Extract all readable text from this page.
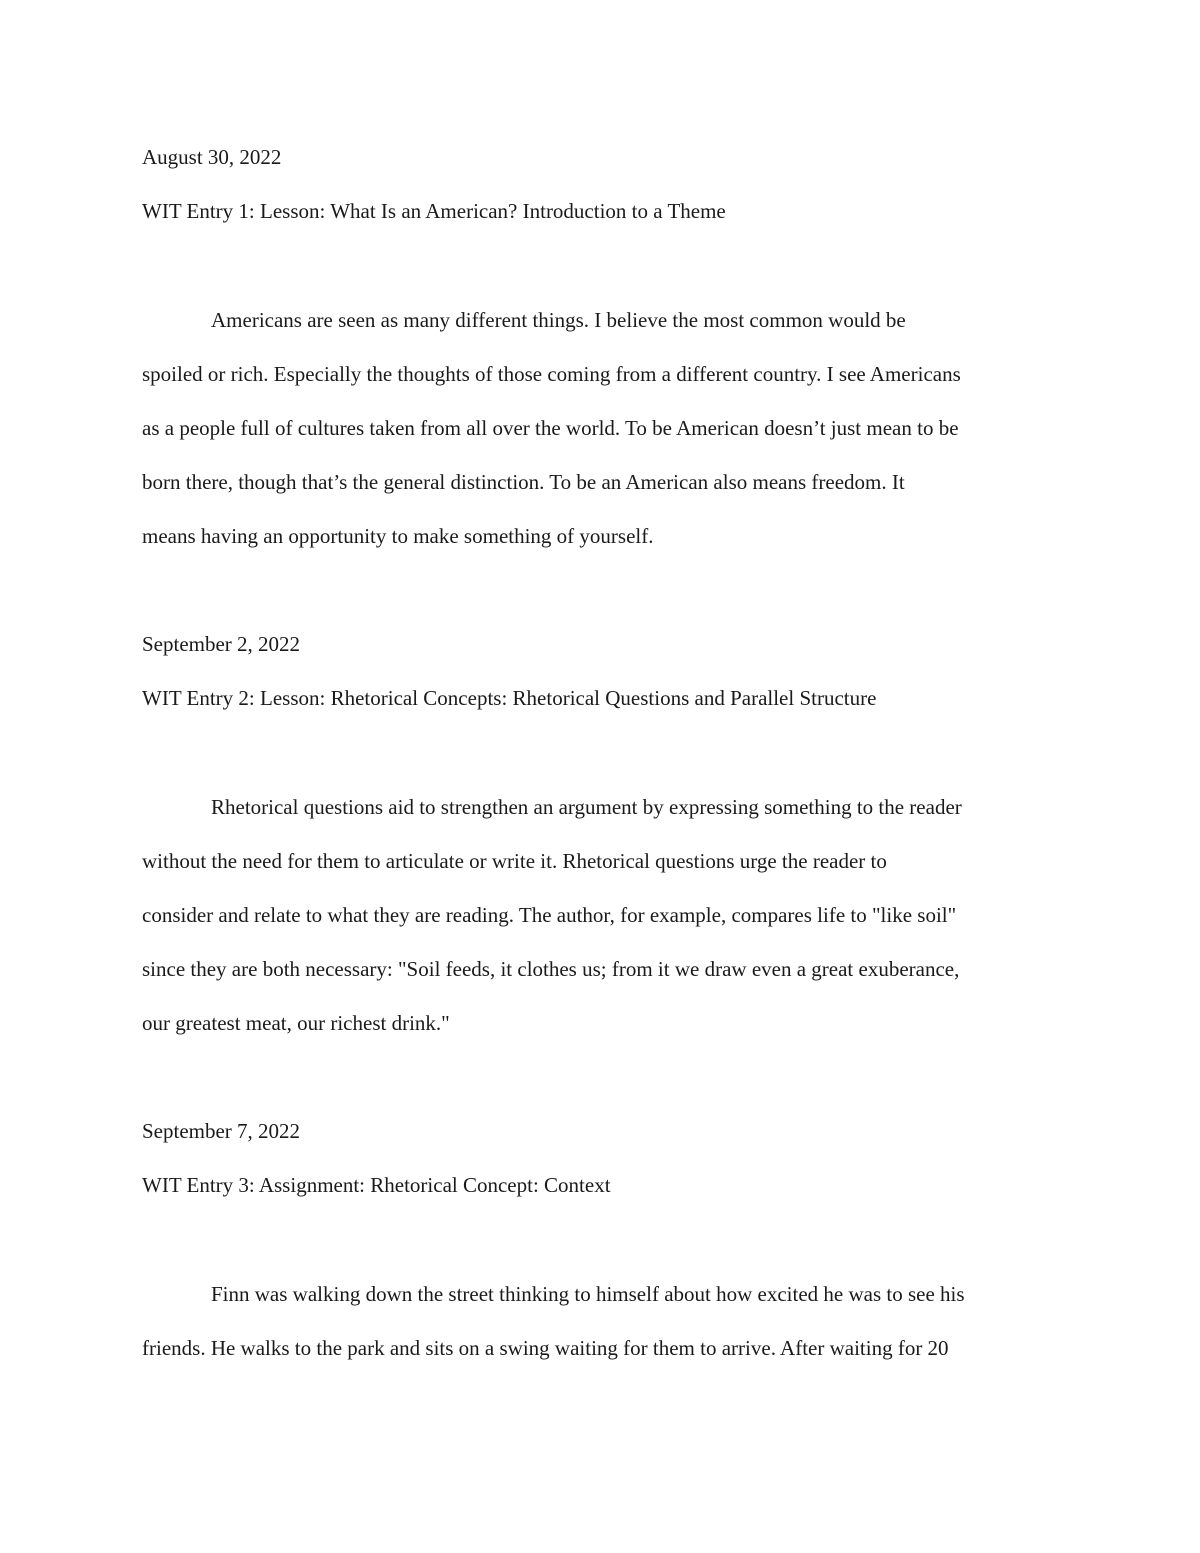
August 30, 2022
WIT Entry 1: Lesson: What Is an American? Introduction to a Theme
Americans are seen as many different things. I believe the most common would be
spoiled or rich. Especially the thoughts of those coming from a different country. I see Americans
as a people full of cultures taken from all over the world. To be American doesn’t just mean to be
born there, though that’s the general distinction. To be an American also means freedom. It
means having an opportunity to make something of yourself.
September 2, 2022
WIT Entry 2: Lesson: Rhetorical Concepts: Rhetorical Questions and Parallel Structure
Rhetorical questions aid to strengthen an argument by expressing something to the reader
without the need for them to articulate or write it. Rhetorical questions urge the reader to
consider and relate to what they are reading. The author, for example, compares life to "like soil"
since they are both necessary: "Soil feeds, it clothes us; from it we draw even a great exuberance,
our greatest meat, our richest drink."
September 7, 2022
WIT Entry 3: Assignment: Rhetorical Concept: Context
Finn was walking down the street thinking to himself about how excited he was to see his
friends. He walks to the park and sits on a swing waiting for them to arrive. After waiting for 20
